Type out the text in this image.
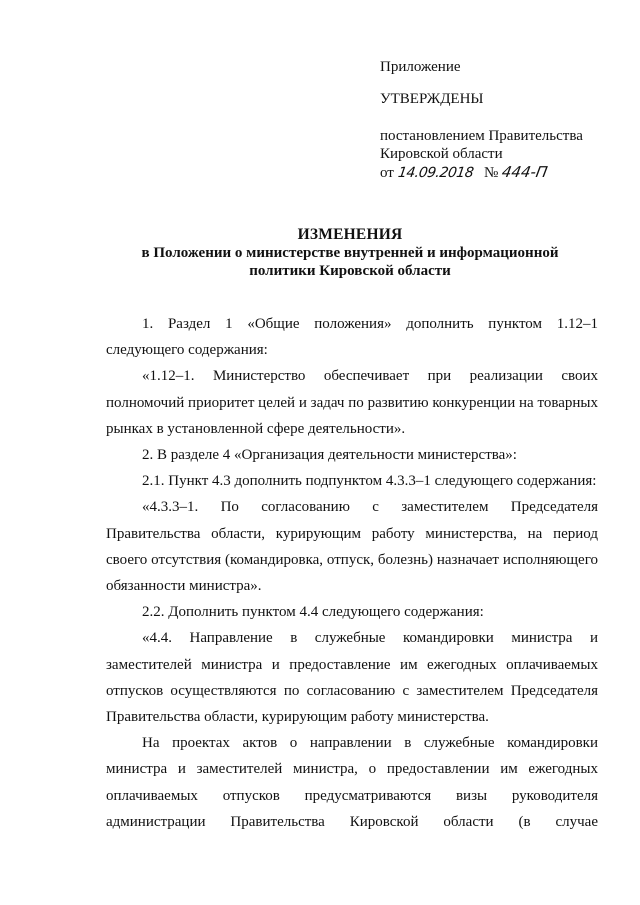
Приложение
УТВЕРЖДЕНЫ
постановлением Правительства
Кировской области
от 14.09.2018 № 444-П
ИЗМЕНЕНИЯ
в Положении о министерстве внутренней и информационной
политики Кировской области

1. Раздел 1 «Общие положения» дополнить пунктом 1.12–1 следующего содержания:

«1.12–1. Министерство обеспечивает при реализации своих полномочий приоритет целей и задач по развитию конкуренции на товарных рынках в установленной сфере деятельности».

2. В разделе 4 «Организация деятельности министерства»:

2.1. Пункт 4.3 дополнить подпунктом 4.3.3–1 следующего содержания:

«4.3.3–1. По согласованию с заместителем Председателя Правительства области, курирующим работу министерства, на период своего отсутствия (командировка, отпуск, болезнь) назначает исполняющего обязанности министра».

2.2. Дополнить пунктом 4.4 следующего содержания:

«4.4. Направление в служебные командировки министра и заместителей министра и предоставление им ежегодных оплачиваемых отпусков осуществляются по согласованию с заместителем Председателя Правительства области, курирующим работу министерства.

На проектах актов о направлении в служебные командировки министра и заместителей министра, о предоставлении им ежегодных оплачиваемых отпусков предусматриваются визы руководителя администрации Правительства Кировской области (в случае
